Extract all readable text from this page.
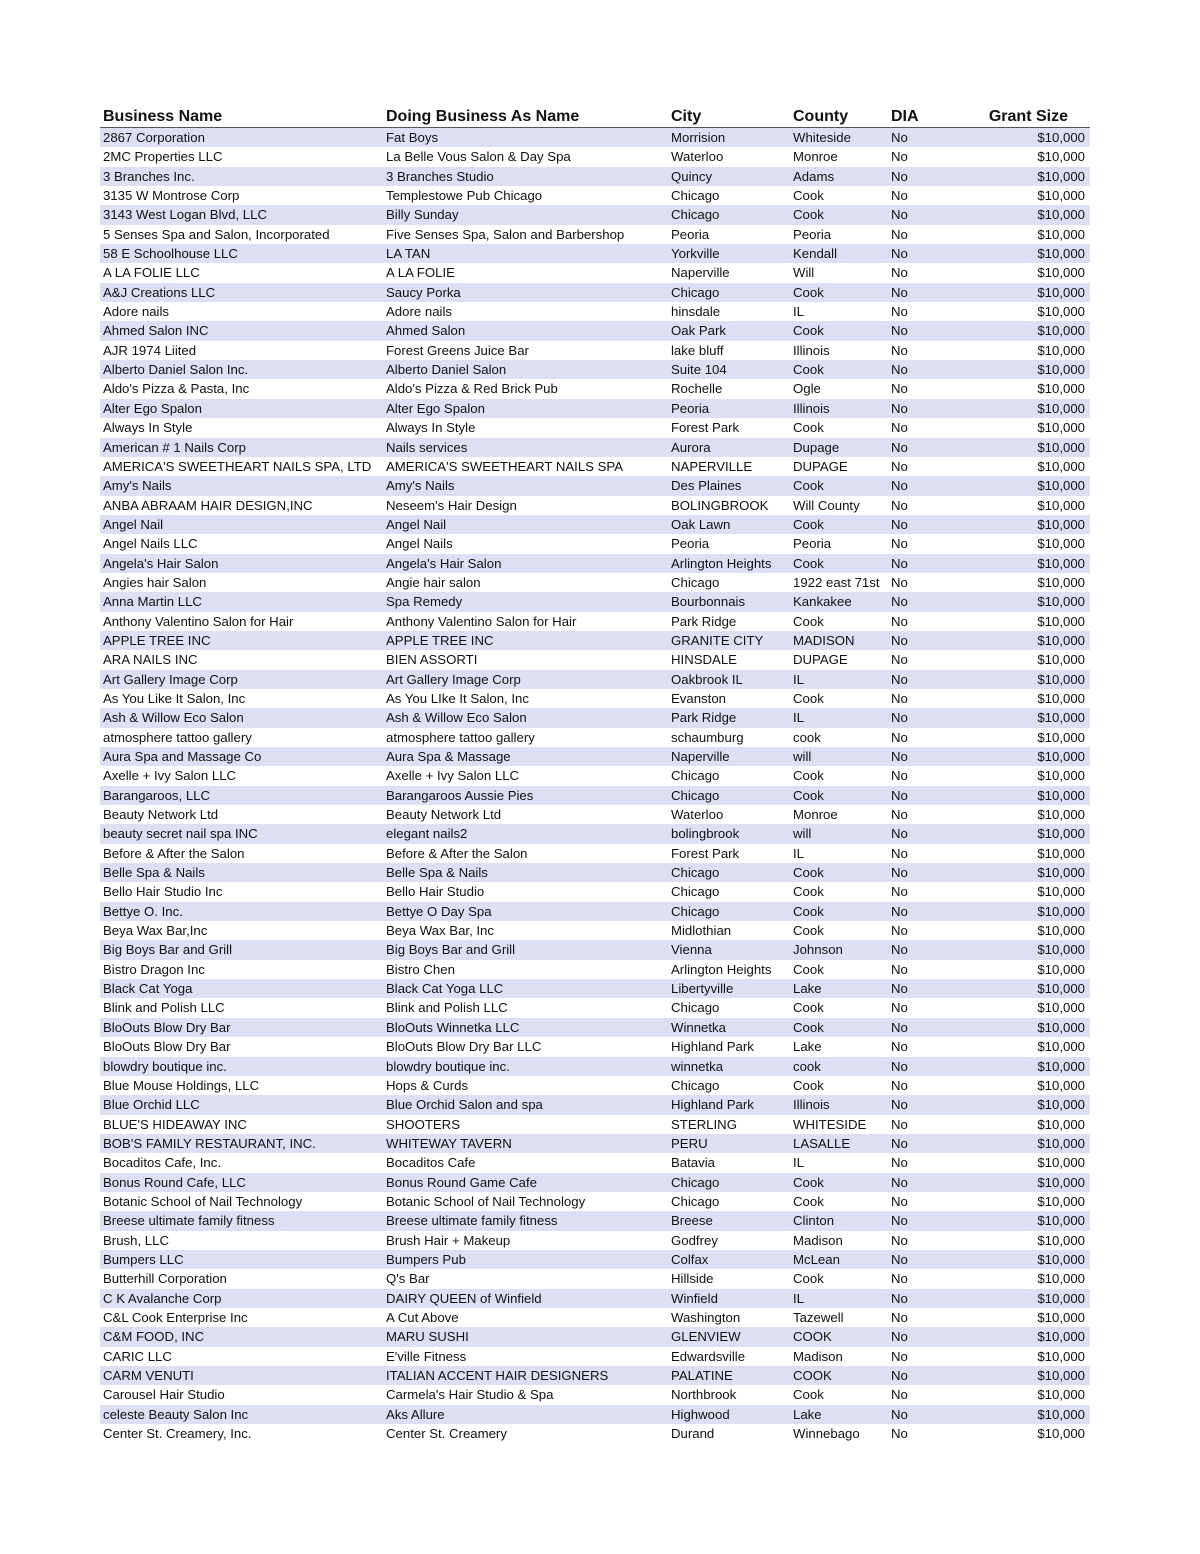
Business Name	Doing Business As Name	City	County	DIA	Grant Size
2867 Corporation	Fat Boys	Morrision	Whiteside	No	$10,000
2MC Properties LLC	La Belle Vous Salon & Day Spa	Waterloo	Monroe	No	$10,000
3 Branches Inc.	3 Branches Studio	Quincy	Adams	No	$10,000
3135 W Montrose Corp	Templestowe Pub Chicago	Chicago	Cook	No	$10,000
3143 West Logan Blvd, LLC	Billy Sunday	Chicago	Cook	No	$10,000
5 Senses Spa and Salon, Incorporated	Five Senses Spa, Salon and Barbershop	Peoria	Peoria	No	$10,000
58 E Schoolhouse LLC	LA TAN	Yorkville	Kendall	No	$10,000
A LA FOLIE LLC	A LA FOLIE	Naperville	Will	No	$10,000
A&J Creations LLC	Saucy Porka	Chicago	Cook	No	$10,000
Adore nails	Adore nails	hinsdale	IL	No	$10,000
Ahmed Salon INC	Ahmed Salon	Oak Park	Cook	No	$10,000
AJR 1974 Liited	Forest Greens Juice Bar	lake bluff	Illinois	No	$10,000
Alberto Daniel Salon Inc.	Alberto Daniel Salon	Suite 104	Cook	No	$10,000
Aldo's Pizza & Pasta, Inc	Aldo's Pizza & Red Brick Pub	Rochelle	Ogle	No	$10,000
Alter Ego Spalon	Alter Ego Spalon	Peoria	Illinois	No	$10,000
Always In Style	Always In Style	Forest Park	Cook	No	$10,000
American # 1 Nails Corp	Nails services	Aurora	Dupage	No	$10,000
AMERICA'S SWEETHEART NAILS SPA, LTD	AMERICA'S SWEETHEART NAILS SPA	NAPERVILLE	DUPAGE	No	$10,000
Amy's Nails	Amy's Nails	Des Plaines	Cook	No	$10,000
ANBA ABRAAM HAIR DESIGN,INC	Neseem's Hair Design	BOLINGBROOK	Will County	No	$10,000
Angel Nail	Angel Nail	Oak Lawn	Cook	No	$10,000
Angel Nails LLC	Angel Nails	Peoria	Peoria	No	$10,000
Angela's Hair Salon	Angela's Hair Salon	Arlington Heights	Cook	No	$10,000
Angies hair Salon	Angie hair salon	Chicago	1922 east 71st No	$10,000
Anna Martin LLC	Spa Remedy	Bourbonnais	Kankakee	No	$10,000
Anthony Valentino Salon for Hair	Anthony Valentino Salon for Hair	Park Ridge	Cook	No	$10,000
APPLE TREE INC	APPLE TREE INC	GRANITE CITY	MADISON	No	$10,000
ARA NAILS INC	BIEN ASSORTI	HINSDALE	DUPAGE	No	$10,000
Art Gallery Image Corp	Art Gallery Image Corp	Oakbrook IL	IL	No	$10,000
As You Like It Salon, Inc	As You LIke It Salon, Inc	Evanston	Cook	No	$10,000
Ash & Willow Eco Salon	Ash & Willow Eco Salon	Park Ridge	IL	No	$10,000
atmosphere tattoo gallery	atmosphere tattoo gallery	schaumburg	cook	No	$10,000
Aura Spa and Massage Co	Aura Spa & Massage	Naperville	will	No	$10,000
Axelle + Ivy Salon LLC	Axelle + Ivy Salon LLC	Chicago	Cook	No	$10,000
Barangaroos, LLC	Barangaroos Aussie Pies	Chicago	Cook	No	$10,000
Beauty Network Ltd	Beauty Network Ltd	Waterloo	Monroe	No	$10,000
beauty secret nail spa INC	elegant nails2	bolingbrook	will	No	$10,000
Before & After the Salon	Before & After the Salon	Forest Park	IL	No	$10,000
Belle Spa & Nails	Belle Spa & Nails	Chicago	Cook	No	$10,000
Bello Hair Studio Inc	Bello Hair Studio	Chicago	Cook	No	$10,000
Bettye O. Inc.	Bettye O Day Spa	Chicago	Cook	No	$10,000
Beya Wax Bar,Inc	Beya Wax Bar, Inc	Midlothian	Cook	No	$10,000
Big Boys Bar and Grill	Big Boys Bar and Grill	Vienna	Johnson	No	$10,000
Bistro Dragon Inc	Bistro Chen	Arlington Heights	Cook	No	$10,000
Black Cat Yoga	Black Cat Yoga LLC	Libertyville	Lake	No	$10,000
Blink and Polish LLC	Blink and Polish LLC	Chicago	Cook	No	$10,000
BloOuts Blow Dry Bar	BloOuts Winnetka LLC	Winnetka	Cook	No	$10,000
BloOuts Blow Dry Bar	BloOuts Blow Dry Bar LLC	Highland Park	Lake	No	$10,000
blowdry boutique inc.	blowdry boutique inc.	winnetka	cook	No	$10,000
Blue Mouse Holdings, LLC	Hops & Curds	Chicago	Cook	No	$10,000
Blue Orchid LLC	Blue Orchid Salon and spa	Highland Park	Illinois	No	$10,000
BLUE'S HIDEAWAY INC	SHOOTERS	STERLING	WHITESIDE	No	$10,000
BOB'S FAMILY RESTAURANT, INC.	WHITEWAY TAVERN	PERU	LASALLE	No	$10,000
Bocaditos Cafe, Inc.	Bocaditos Cafe	Batavia	IL	No	$10,000
Bonus Round Cafe, LLC	Bonus Round Game Cafe	Chicago	Cook	No	$10,000
Botanic School of Nail Technology	Botanic School of Nail Technology	Chicago	Cook	No	$10,000
Breese ultimate family fitness	Breese ultimate family fitness	Breese	Clinton	No	$10,000
Brush, LLC	Brush Hair + Makeup	Godfrey	Madison	No	$10,000
Bumpers LLC	Bumpers Pub	Colfax	McLean	No	$10,000
Butterhill Corporation	Q's Bar	Hillside	Cook	No	$10,000
C K Avalanche Corp	DAIRY QUEEN of Winfield	Winfield	IL	No	$10,000
C&L Cook Enterprise Inc	A Cut Above	Washington	Tazewell	No	$10,000
C&M FOOD, INC	MARU SUSHI	GLENVIEW	COOK	No	$10,000
CARIC LLC	E'ville Fitness	Edwardsville	Madison	No	$10,000
CARM VENUTI	ITALIAN ACCENT HAIR DESIGNERS	PALATINE	COOK	No	$10,000
Carousel Hair Studio	Carmela's Hair Studio & Spa	Northbrook	Cook	No	$10,000
celeste Beauty Salon Inc	Aks Allure	Highwood	Lake	No	$10,000
Center St. Creamery, Inc.	Center St. Creamery	Durand	Winnebago	No	$10,000
